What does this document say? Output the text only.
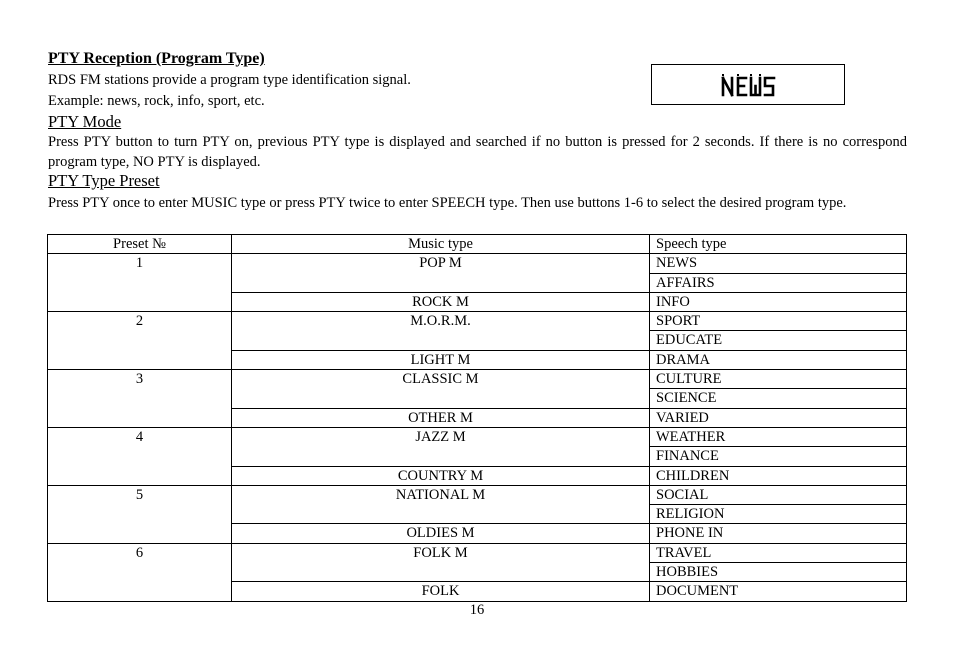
PTY Reception (Program Type)
RDS FM stations provide a program type identification signal.
Example: news, rock, info, sport, etc.
PTY Mode
Press PTY button to turn PTY on, previous PTY type is displayed and searched if no button is pressed for 2 seconds. If there is no correspond program type, NO PTY is displayed.
PTY Type Preset
Press PTY once to enter MUSIC type or press PTY twice to enter SPEECH type. Then use buttons 1-6 to select the desired program type.
Preset №	Music type	Speech type
1	POP M	NEWS
		AFFAIRS
	ROCK M	INFO
2	M.O.R.M.	SPORT
		EDUCATE
	LIGHT M	DRAMA
3	CLASSIC M	CULTURE
		SCIENCE
	OTHER M	VARIED
4	JAZZ M	WEATHER
		FINANCE
	COUNTRY M	CHILDREN
5	NATIONAL M	SOCIAL
		RELIGION
	OLDIES M	PHONE IN
6	FOLK M	TRAVEL
		HOBBIES
	FOLK	DOCUMENT
16
